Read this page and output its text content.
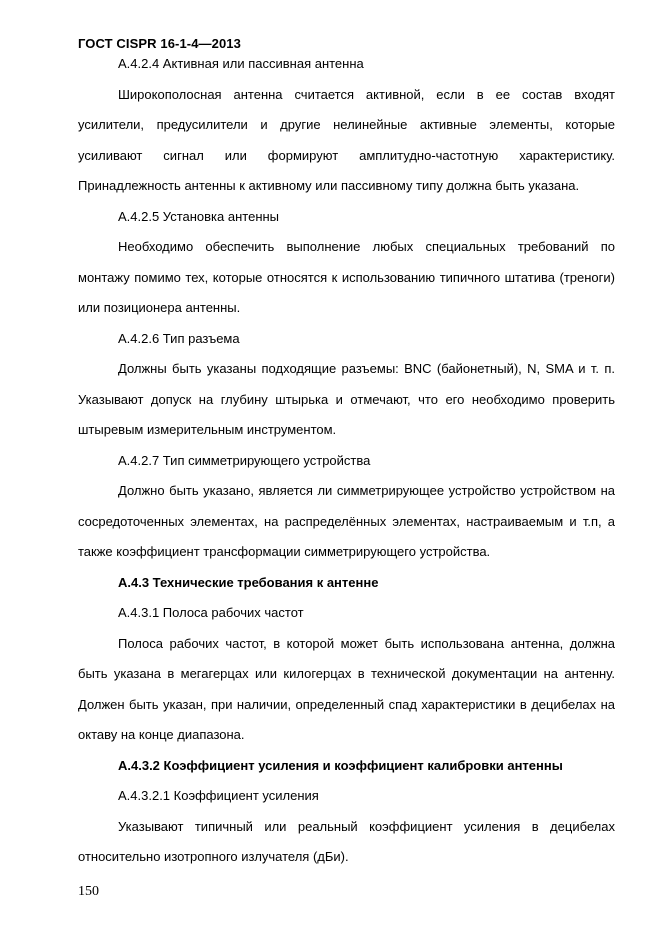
ГОСТ CISPR 16-1-4—2013

А.4.2.4 Активная или пассивная антенна

Широкополосная антенна считается активной, если в ее состав входят усилители, предусилители и другие нелинейные активные элементы, которые усиливают сигнал или формируют амплитудно-частотную характеристику. Принадлежность антенны к активному или пассивному типу должна быть указана.

А.4.2.5 Установка антенны

Необходимо обеспечить выполнение любых специальных требований по монтажу помимо тех, которые относятся к использованию типичного штатива (треноги) или позиционера антенны.

А.4.2.6 Тип разъема

Должны быть указаны подходящие разъемы: BNC (байонетный), N, SMA и т. п. Указывают допуск на глубину штырька и отмечают, что его необходимо проверить штыревым измерительным инструментом.

А.4.2.7 Тип симметрирующего устройства

Должно быть указано, является ли симметрирующее устройство устройством на сосредоточенных элементах, на распределённых элементах, настраиваемым и т.п, а также коэффициент трансформации симметрирующего устройства.

А.4.3 Технические требования к антенне

А.4.3.1 Полоса рабочих частот

Полоса рабочих частот, в которой может быть использована антенна, должна быть указана в мегагерцах или килогерцах в технической документации на антенну. Должен быть указан, при наличии, определенный спад характеристики в децибелах на октаву на конце диапазона.

А.4.3.2 Коэффициент усиления и коэффициент калибровки антенны

А.4.3.2.1 Коэффициент усиления

Указывают типичный или реальный коэффициент усиления в децибелах относительно изотропного излучателя (дБи).

150
